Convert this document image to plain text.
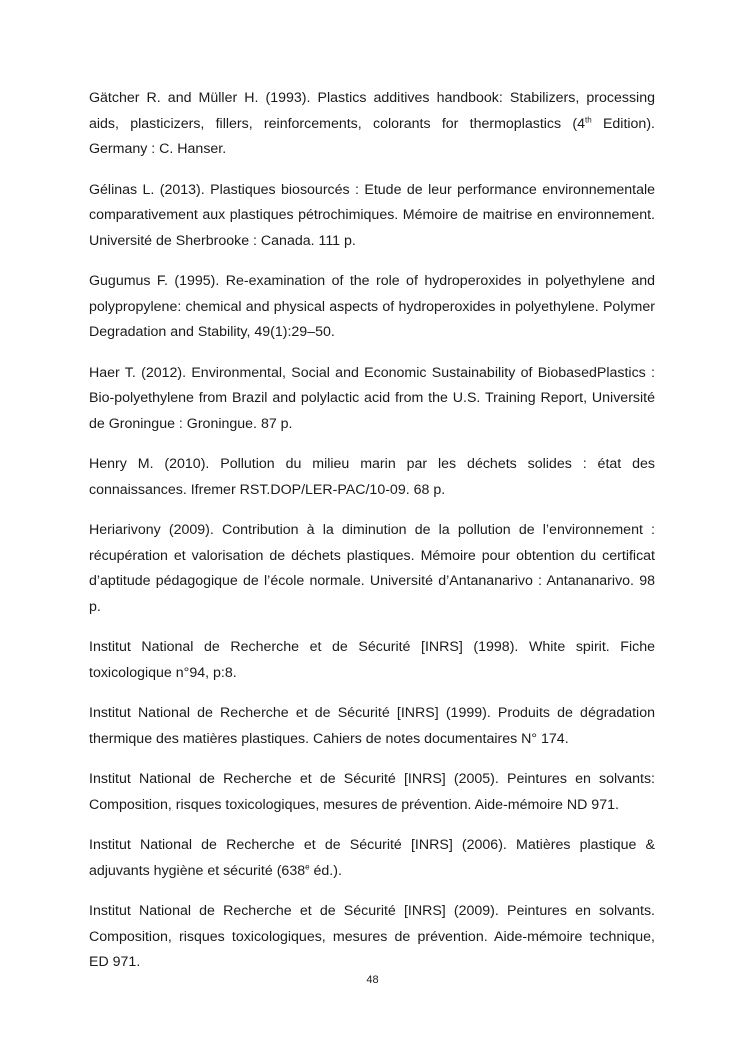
Gätcher R. and Müller H. (1993). Plastics additives handbook: Stabilizers, processing aids, plasticizers, fillers, reinforcements, colorants for thermoplastics (4th Edition). Germany : C. Hanser.

Gélinas L. (2013). Plastiques biosourcés : Etude de leur performance environnementale comparativement aux plastiques pétrochimiques. Mémoire de maitrise en environnement. Université de Sherbrooke : Canada. 111 p.

Gugumus F. (1995). Re-examination of the role of hydroperoxides in polyethylene and polypropylene: chemical and physical aspects of hydroperoxides in polyethylene. Polymer Degradation and Stability, 49(1):29–50.

Haer T. (2012). Environmental, Social and Economic Sustainability of BiobasedPlastics : Bio-polyethylene from Brazil and polylactic acid from the U.S. Training Report, Université de Groningue : Groningue. 87 p.

Henry M. (2010). Pollution du milieu marin par les déchets solides : état des connaissances. Ifremer RST.DOP/LER-PAC/10-09. 68 p.

Heriarivony (2009). Contribution à la diminution de la pollution de l’environnement : récupération et valorisation de déchets plastiques. Mémoire pour obtention du certificat d’aptitude pédagogique de l’école normale. Université d’Antananarivo : Antananarivo. 98 p.

Institut National de Recherche et de Sécurité [INRS] (1998). White spirit. Fiche toxicologique n°94, p:8.

Institut National de Recherche et de Sécurité [INRS] (1999). Produits de dégradation thermique des matières plastiques. Cahiers de notes documentaires N° 174.

Institut National de Recherche et de Sécurité [INRS] (2005). Peintures en solvants: Composition, risques toxicologiques, mesures de prévention. Aide-mémoire ND 971.

Institut National de Recherche et de Sécurité [INRS] (2006). Matières plastique & adjuvants hygiène et sécurité (638e éd.).

Institut National de Recherche et de Sécurité [INRS] (2009). Peintures en solvants. Composition, risques toxicologiques, mesures de prévention. Aide-mémoire technique, ED 971.

48
